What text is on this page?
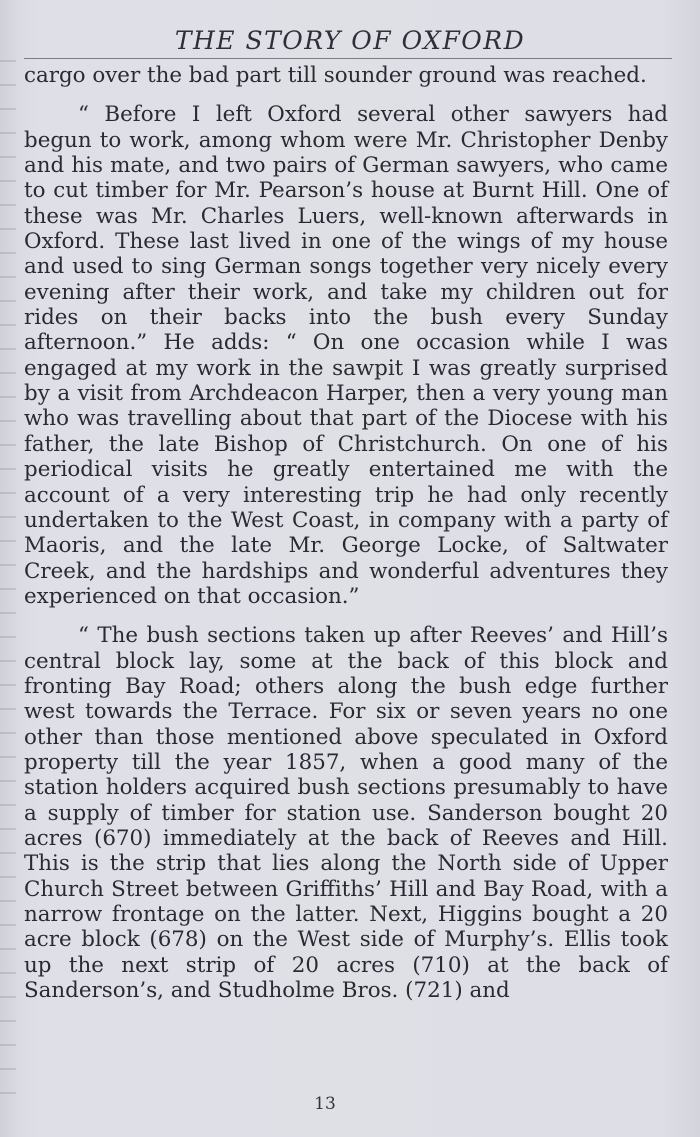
THE STORY OF OXFORD

cargo over the bad part till sounder ground was reached.

“ Before I left Oxford several other sawyers had begun to work, among whom were Mr. Christopher Denby and his mate, and two pairs of German sawyers, who came to cut timber for Mr. Pearson’s house at Burnt Hill. One of these was Mr. Charles Luers, well-known afterwards in Oxford. These last lived in one of the wings of my house and used to sing German songs together very nicely every evening after their work, and take my children out for rides on their backs into the bush every Sunday afternoon.” He adds: “ On one occasion while I was engaged at my work in the sawpit I was greatly surprised by a visit from Archdeacon Harper, then a very young man who was travelling about that part of the Diocese with his father, the late Bishop of Christchurch. On one of his periodical visits he greatly entertained me with the account of a very interesting trip he had only recently undertaken to the West Coast, in company with a party of Maoris, and the late Mr. George Locke, of Saltwater Creek, and the hardships and wonderful adventures they experienced on that occasion.”

“ The bush sections taken up after Reeves’ and Hill’s central block lay, some at the back of this block and fronting Bay Road; others along the bush edge further west towards the Terrace. For six or seven years no one other than those mentioned above speculated in Oxford property till the year 1857, when a good many of the station holders acquired bush sections presumably to have a supply of timber for station use. Sanderson bought 20 acres (670) immediately at the back of Reeves and Hill. This is the strip that lies along the North side of Upper Church Street between Griffiths’ Hill and Bay Road, with a narrow frontage on the latter. Next, Higgins bought a 20 acre block (678) on the West side of Murphy’s. Ellis took up the next strip of 20 acres (710) at the back of Sanderson’s, and Studholme Bros. (721) and

13
